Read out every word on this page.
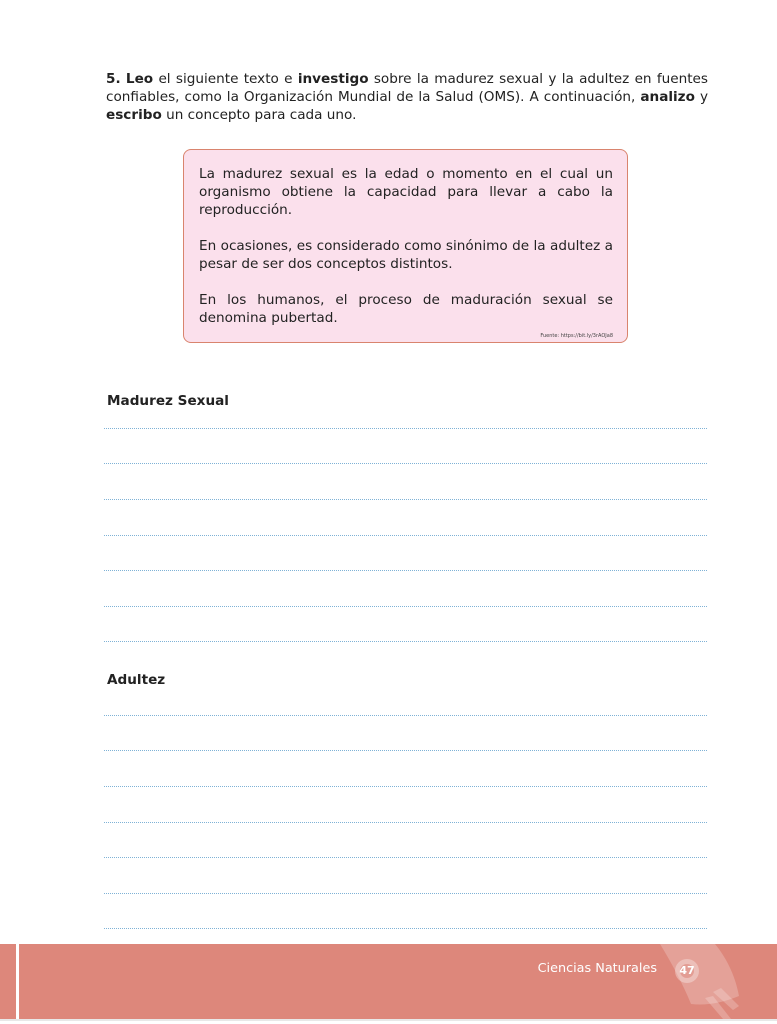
5. Leo el siguiente texto e investigo sobre la madurez sexual y la adultez en fuentes confiables, como la Organización Mundial de la Salud (OMS). A continuación, analizo y escribo un concepto para cada uno.

La madurez sexual es la edad o momento en el cual un organismo obtiene la capacidad para llevar a cabo la reproducción.

En ocasiones, es considerado como sinónimo de la adultez a pesar de ser dos conceptos distintos.

En los humanos, el proceso de maduración sexual se denomina pubertad.

Fuente: https://bit.ly/3rAOJa8
Madurez Sexual
Adultez
Ciencias Naturales	47
